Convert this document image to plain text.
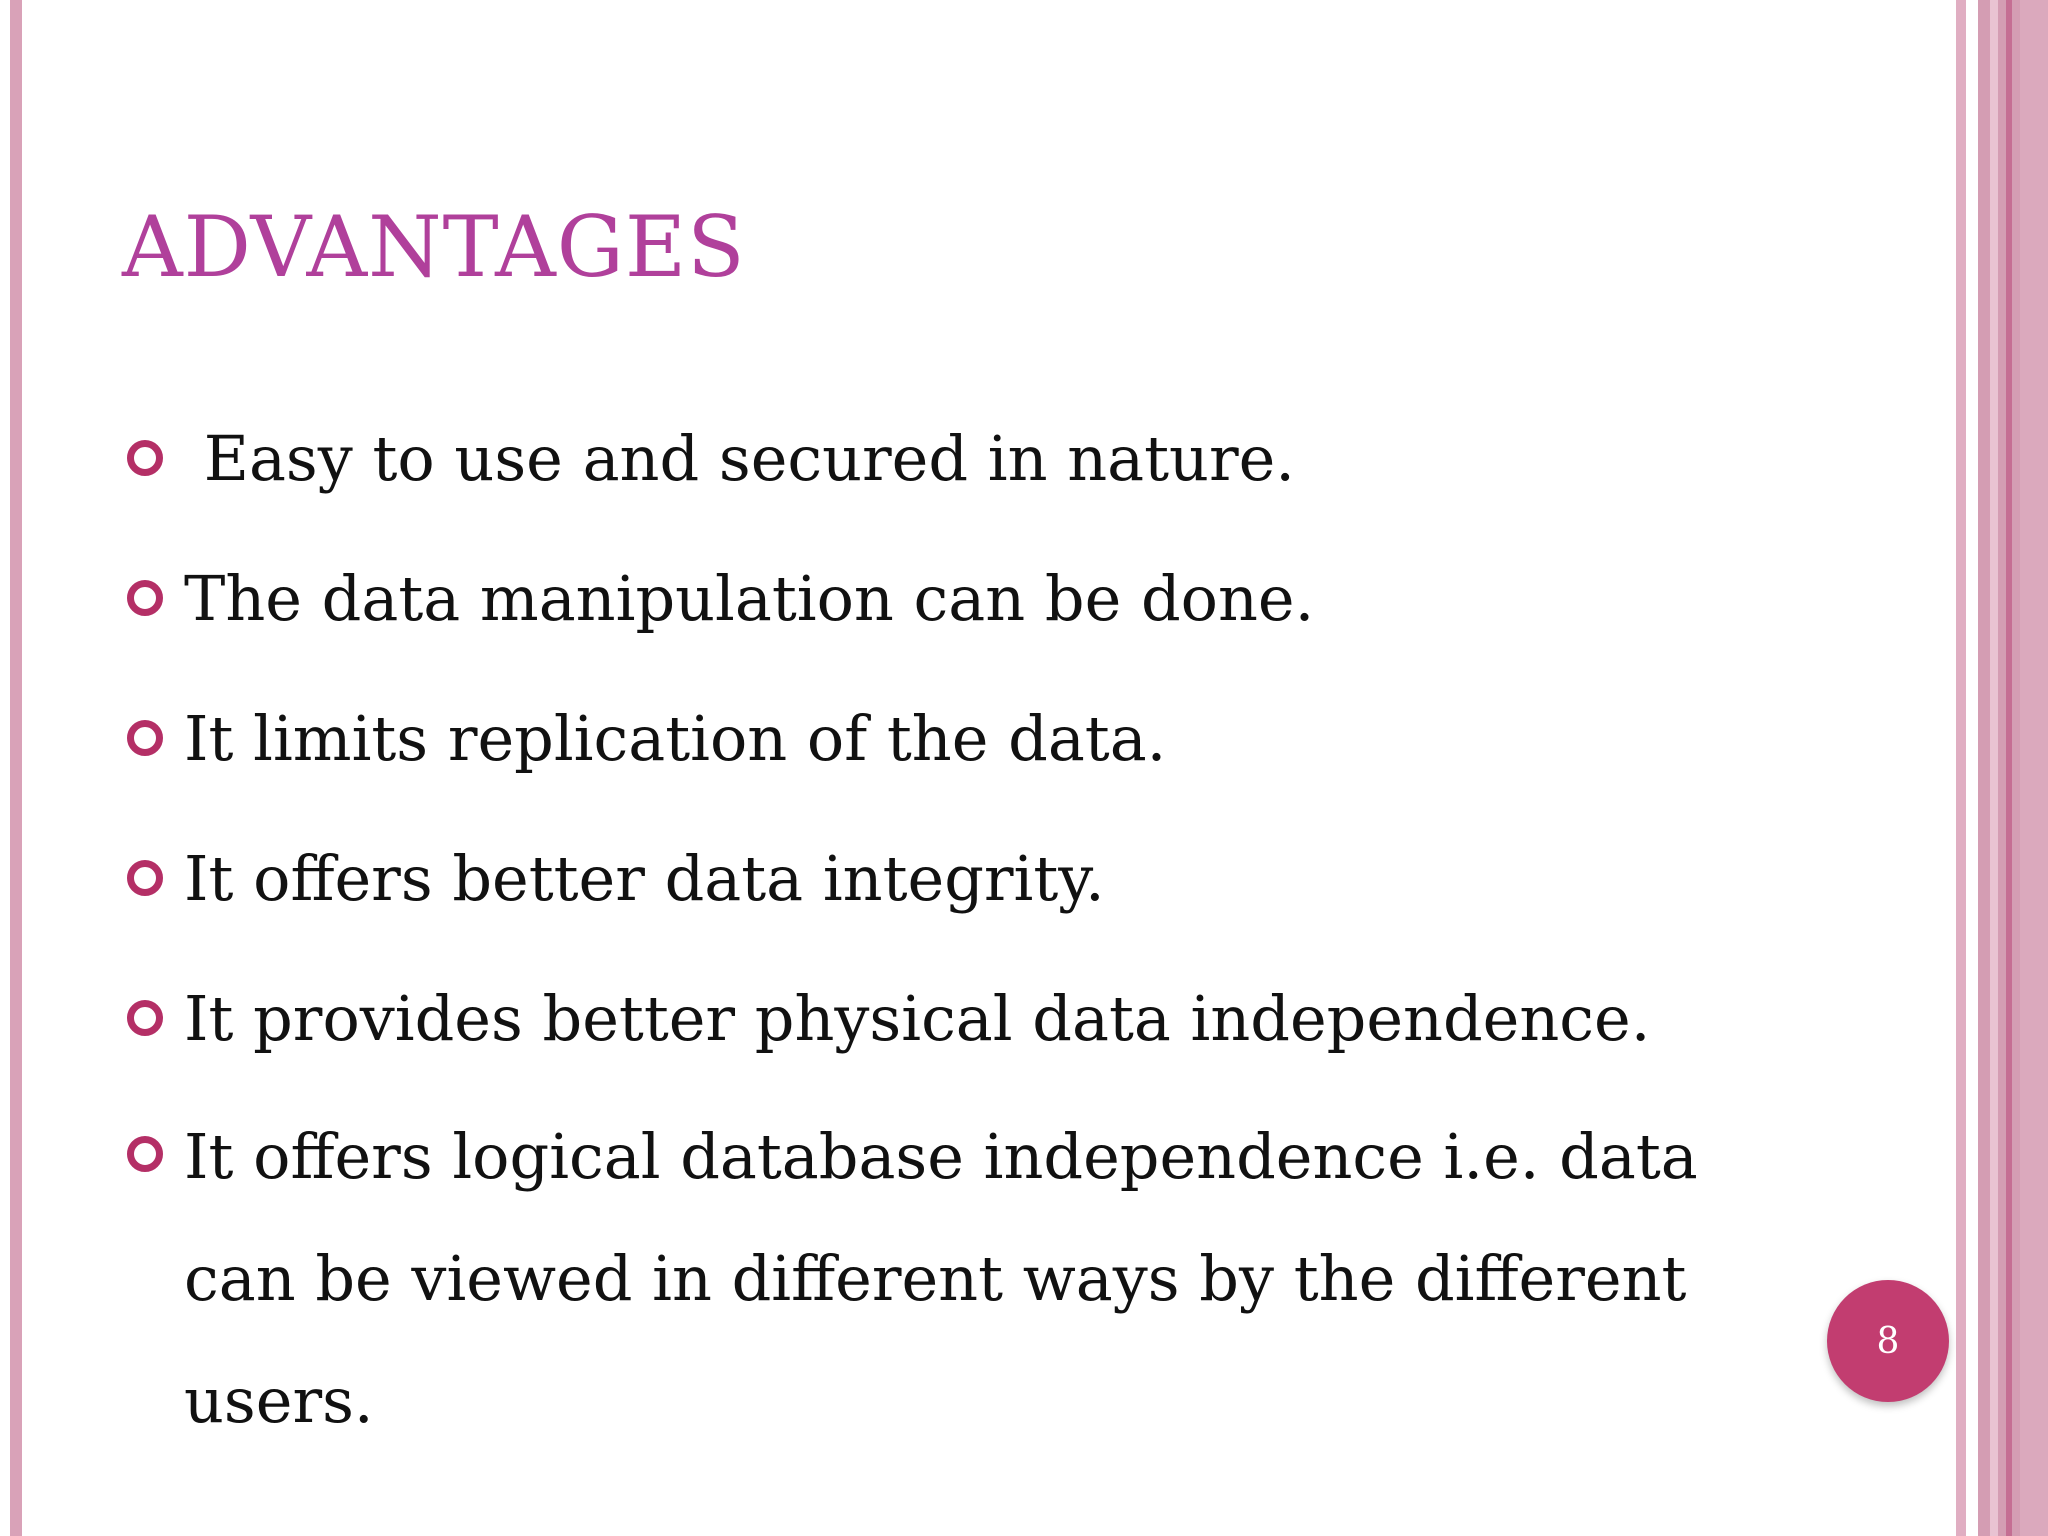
ADVANTAGES
Easy to use and secured in nature.
The data manipulation can be done.
It limits replication of the data.
It offers better data integrity.
It provides better physical data independence.
It offers logical database independence i.e. data can be viewed in different ways by the different users.
8
